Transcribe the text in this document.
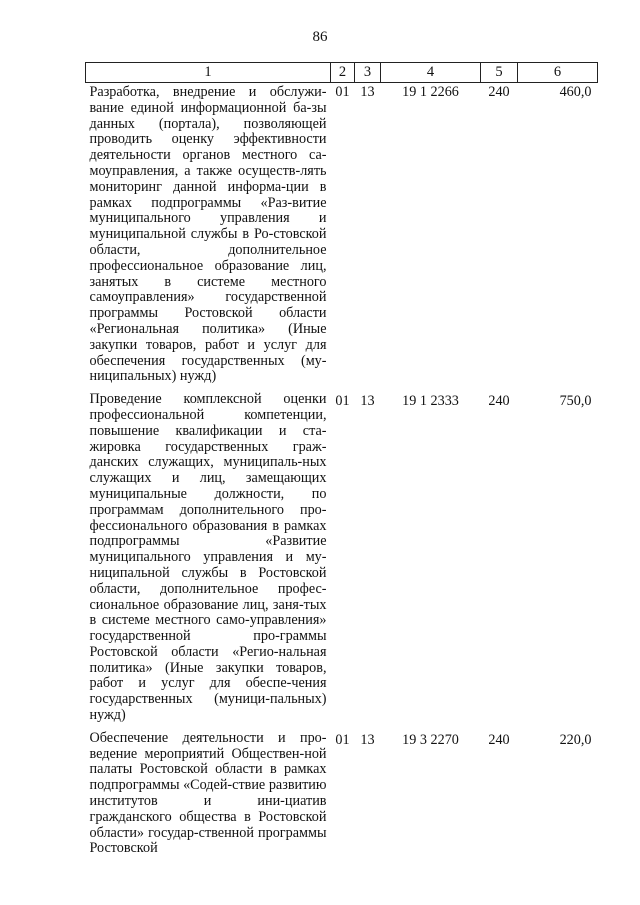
86
1	2	3	4	5	6
Разработка, внедрение и обслужи-вание единой информационной ба-зы данных (портала), позволяющей проводить оценку эффективности деятельности органов местного са-моуправления, а также осуществ-лять мониторинг данной информа-ции в рамках подпрограммы «Раз-витие муниципального управления и муниципальной службы в Ро-стовской области, дополнительное профессиональное образование лиц, занятых в системе местного самоуправления» государственной программы Ростовской области «Региональная политика» (Иные закупки товаров, работ и услуг для обеспечения государственных (му-ниципальных) нужд)	01	13	19 1 2266	240	460,0
Проведение комплексной оценки профессиональной компетенции, повышение квалификации и ста-жировка государственных граж-данских служащих, муниципаль-ных служащих и лиц, замещающих муниципальные должности, по программам дополнительного про-фессионального образования в рамках подпрограммы «Развитие муниципального управления и му-ниципальной службы в Ростовской области, дополнительное профес-сиональное образование лиц, заня-тых в системе местного само-управления» государственной про-граммы Ростовской области «Регио-нальная политика» (Иные закупки товаров, работ и услуг для обеспе-чения государственных (муници-пальных) нужд)	01	13	19 1 2333	240	750,0
Обеспечение деятельности и про-ведение мероприятий Обществен-ной палаты Ростовской области в рамках подпрограммы «Содей-ствие развитию институтов и ини-циатив гражданского общества в Ростовской области» государ-ственной программы Ростовской	01	13	19 3 2270	240	220,0
